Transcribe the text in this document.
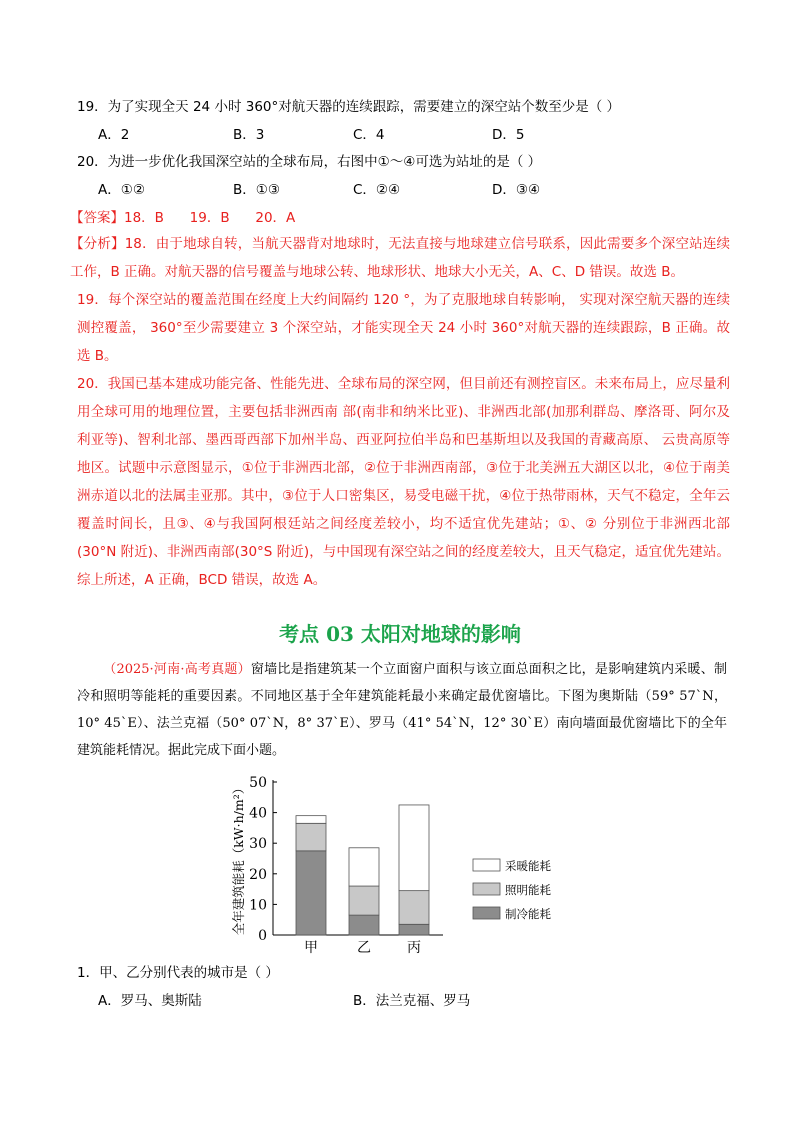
19．为了实现全天 24 小时 360°对航天器的连续跟踪，需要建立的深空站个数至少是（ ）
A．2	B．3	C．4	D．5
20．为进一步优化我国深空站的全球布局，右图中①～④可选为站址的是（ ）
A．①②	B．①③	C．②④	D．③④
【答案】18．B      19．B      20．A

【分析】18．由于地球自转，当航天器背对地球时，无法直接与地球建立信号联系，因此需要多个深空站连续工作，B 正确。对航天器的信号覆盖与地球公转、地球形状、地球大小无关，A、C、D 错误。故选 B。

19．每个深空站的覆盖范围在经度上大约间隔约 120 °，为了克服地球自转影响， 实现对深空航天器的连续测控覆盖， 360°至少需要建立 3 个深空站，才能实现全天 24 小时 360°对航天器的连续跟踪，B 正确。故选 B。

20．我国已基本建成功能完备、性能先进、全球布局的深空网，但目前还有测控盲区。未来布局上，应尽量利用全球可用的地理位置，主要包括非洲西南 部(南非和纳米比亚)、非洲西北部(加那利群岛、摩洛哥、阿尔及利亚等)、智利北部、墨西哥西部下加州半岛、西亚阿拉伯半岛和巴基斯坦以及我国的青藏高原、 云贵高原等地区。试题中示意图显示，①位于非洲西北部，②位于非洲西南部，③位于北美洲五大湖区以北，④位于南美洲赤道以北的法属圭亚那。其中，③位于人口密集区，易受电磁干扰，④位于热带雨林，天气不稳定，全年云覆盖时间长，且③、④与我国阿根廷站之间经度差较小，均不适宜优先建站；①、② 分别位于非洲西北部(30°N 附近)、非洲西南部(30°S 附近)，与中国现有深空站之间的经度差较大，且天气稳定，适宜优先建站。综上所述，A 正确，BCD 错误，故选 A。

考点 03 太阳对地球的影响
（2025·河南·高考真题）窗墙比是指建筑某一个立面窗户面积与该立面总面积之比，是影响建筑内采暖、制冷和照明等能耗的重要因素。不同地区基于全年建筑能耗最小来确定最优窗墙比。下图为奥斯陆（59° 57`N，10° 45`E）、法兰克福（50° 07`N，8° 37`E）、罗马（41° 54`N，12° 30`E）南向墙面最优窗墙比下的全年建筑能耗情况。据此完成下面小题。
全年建筑能耗（kW·h/m²）
0
10
20
30
40
50
甲	乙	丙
采暖能耗
照明能耗
制冷能耗
1．甲、乙分别代表的城市是（ ）
A．罗马、奥斯陆	B．法兰克福、罗马
